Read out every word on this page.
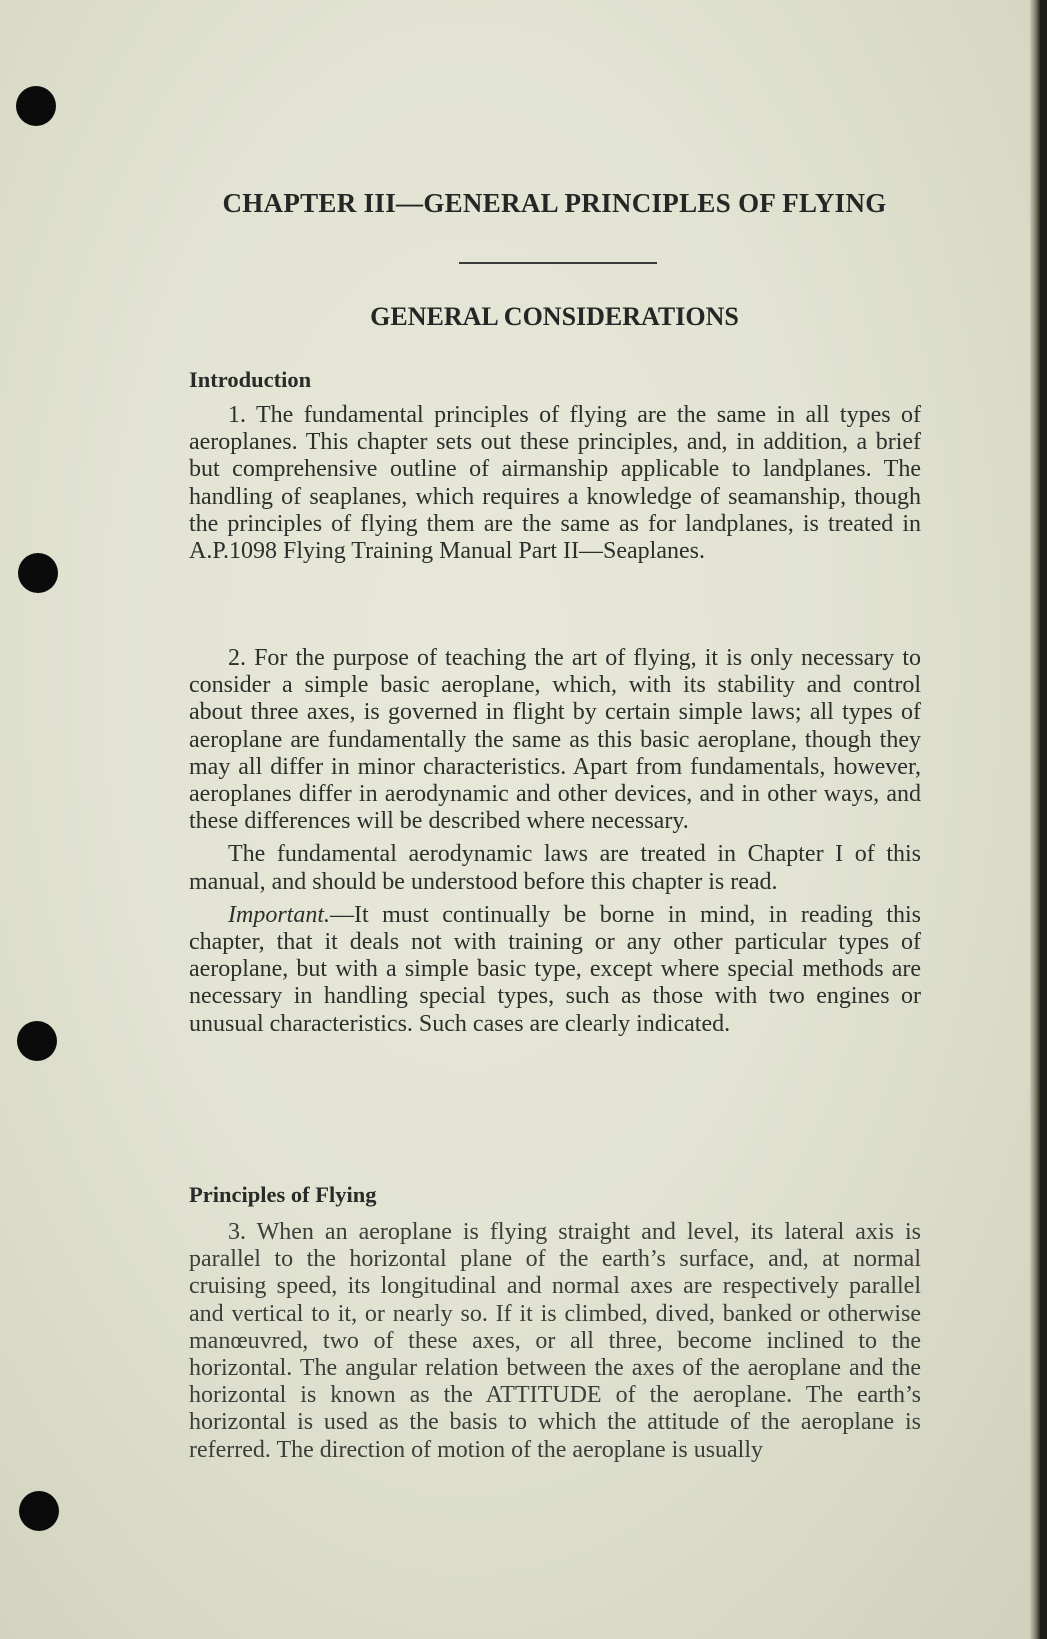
CHAPTER III—GENERAL PRINCIPLES OF FLYING
GENERAL CONSIDERATIONS
Introduction

1. The fundamental principles of flying are the same in all types of aeroplanes. This chapter sets out these principles, and, in addition, a brief but comprehensive outline of airmanship applicable to landplanes. The handling of seaplanes, which requires a knowledge of seamanship, though the principles of flying them are the same as for landplanes, is treated in A.P.1098 Flying Training Manual Part II—Seaplanes.

2. For the purpose of teaching the art of flying, it is only necessary to consider a simple basic aeroplane, which, with its stability and control about three axes, is governed in flight by certain simple laws; all types of aeroplane are fundamentally the same as this basic aeroplane, though they may all differ in minor characteristics. Apart from fundamentals, however, aeroplanes differ in aerodynamic and other devices, and in other ways, and these differences will be described where necessary.

The fundamental aerodynamic laws are treated in Chapter I of this manual, and should be understood before this chapter is read.

Important.—It must continually be borne in mind, in reading this chapter, that it deals not with training or any other particular types of aeroplane, but with a simple basic type, except where special methods are necessary in handling special types, such as those with two engines or unusual characteristics. Such cases are clearly indicated.

Principles of Flying

3. When an aeroplane is flying straight and level, its lateral axis is parallel to the horizontal plane of the earth’s surface, and, at normal cruising speed, its longitudinal and normal axes are respectively parallel and vertical to it, or nearly so. If it is climbed, dived, banked or otherwise manœuvred, two of these axes, or all three, become inclined to the horizontal. The angular relation between the axes of the aeroplane and the horizontal is known as the ATTITUDE of the aeroplane. The earth’s horizontal is used as the basis to which the attitude of the aeroplane is referred. The direction of motion of the aeroplane is usually
